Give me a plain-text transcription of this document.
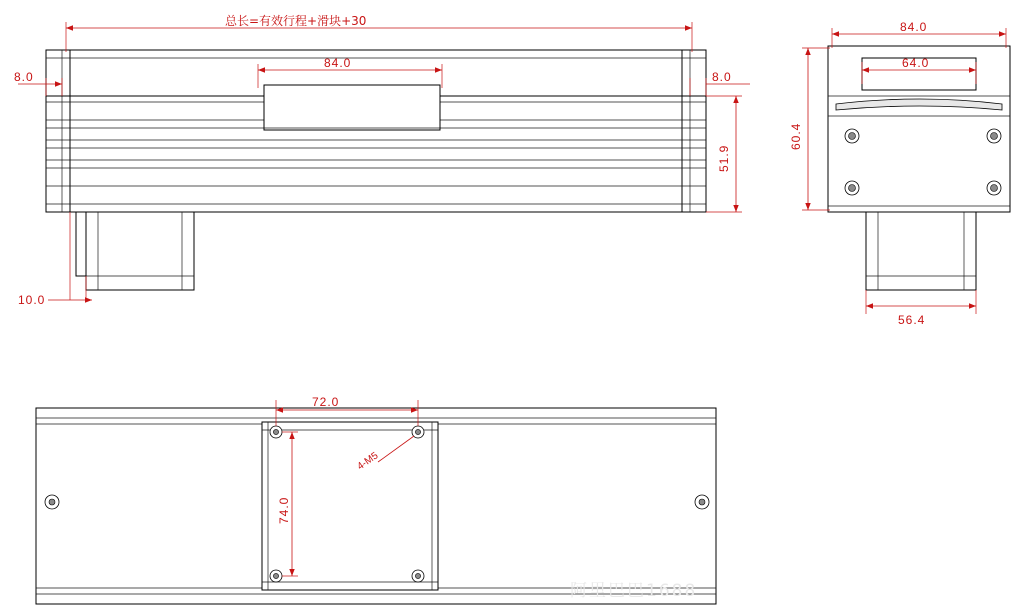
总长=有效行程+滑块+30
84.0
8.0	8.0
51.9
10.0
84.0
64.0
60.4
56.4
72.0
74.0
4-M5
阿里巴巴1688
